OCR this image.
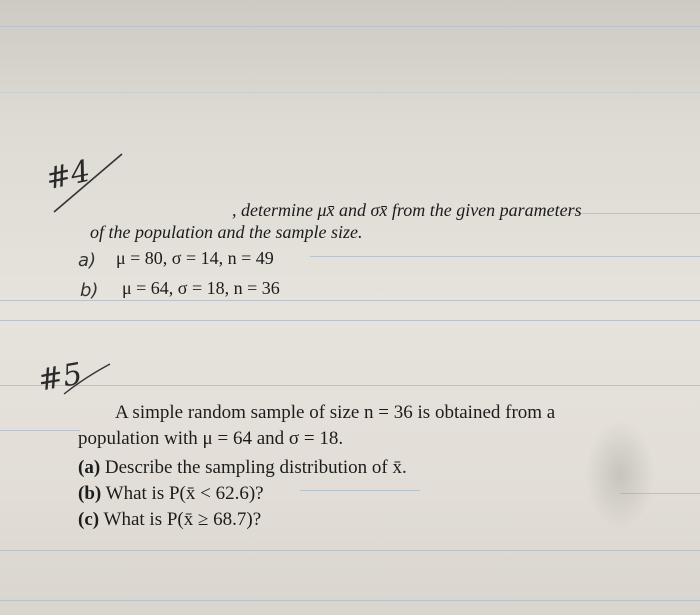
#4
, determine μx̄ and σx̄ from the given parameters
of the population and the sample size.
a) μ = 80, σ = 14, n = 49
b) μ = 64, σ = 18, n = 36
#5
A simple random sample of size n = 36 is obtained from a
population with μ = 64 and σ = 18.
(a) Describe the sampling distribution of x̄.
(b) What is P(x̄ < 62.6)?
(c) What is P(x̄ ≥ 68.7)?
